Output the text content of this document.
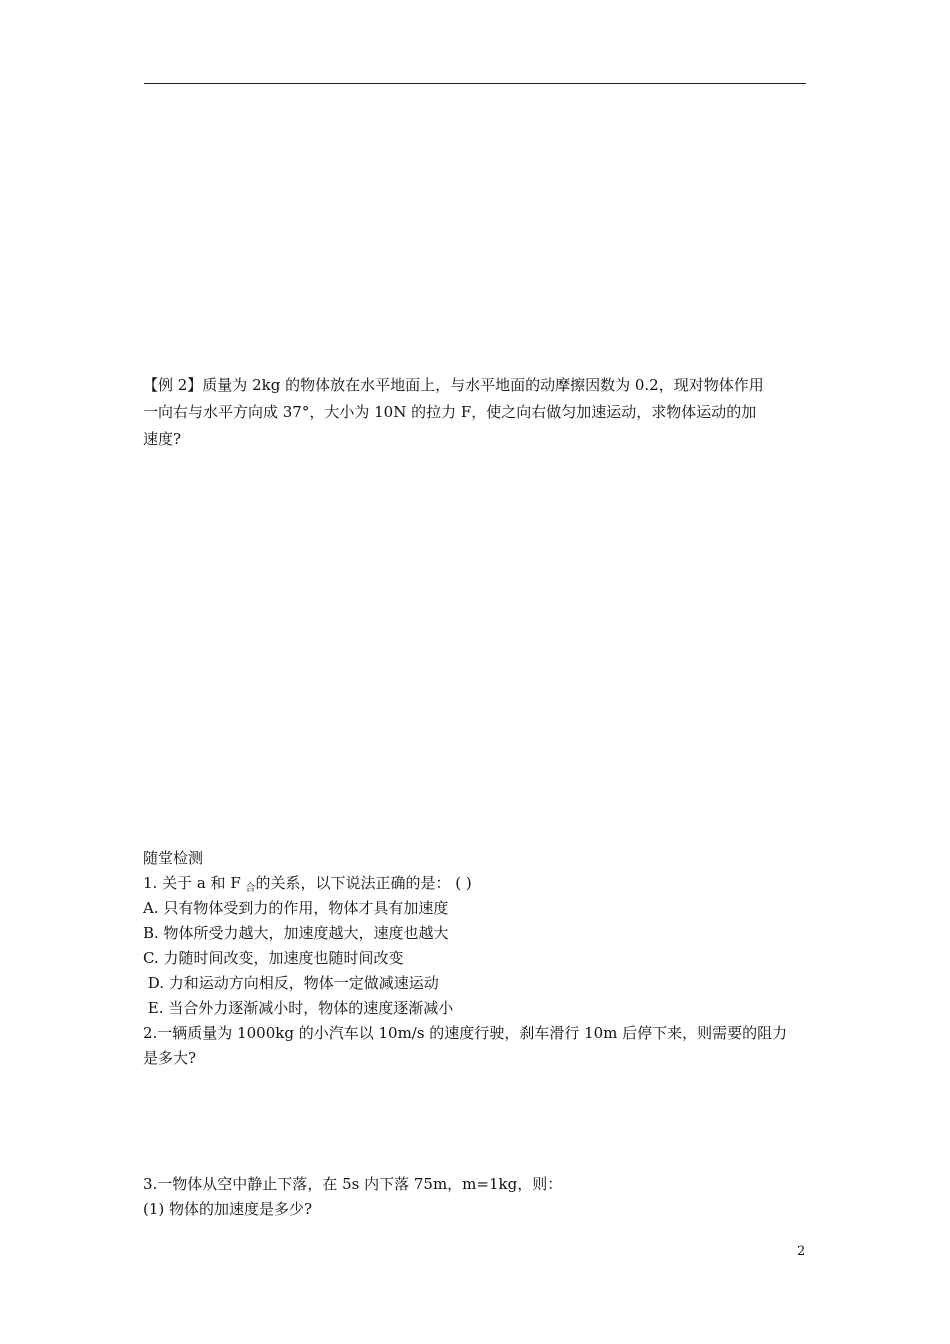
【例 2】质量为 2kg 的物体放在水平地面上，与水平地面的动摩擦因数为 0.2，现对物体作用
一向右与水平方向成 37°，大小为 10N 的拉力 F，使之向右做匀加速运动，求物体运动的加
速度?
随堂检测
1. 关于 a 和 F $_合$的关系，以下说法正确的是： ( )
A. 只有物体受到力的作用，物体才具有加速度
B. 物体所受力越大，加速度越大，速度也越大
C. 力随时间改变，加速度也随时间改变
D. 力和运动方向相反，物体一定做减速运动
E. 当合外力逐渐减小时，物体的速度逐渐减小
2.一辆质量为 1000kg 的小汽车以 10m/s 的速度行驶，刹车滑行 10m 后停下来，则需要的阻力
是多大?
3.一物体从空中静止下落，在 5s 内下落 75m，m=1kg，则：
(1) 物体的加速度是多少?
2
